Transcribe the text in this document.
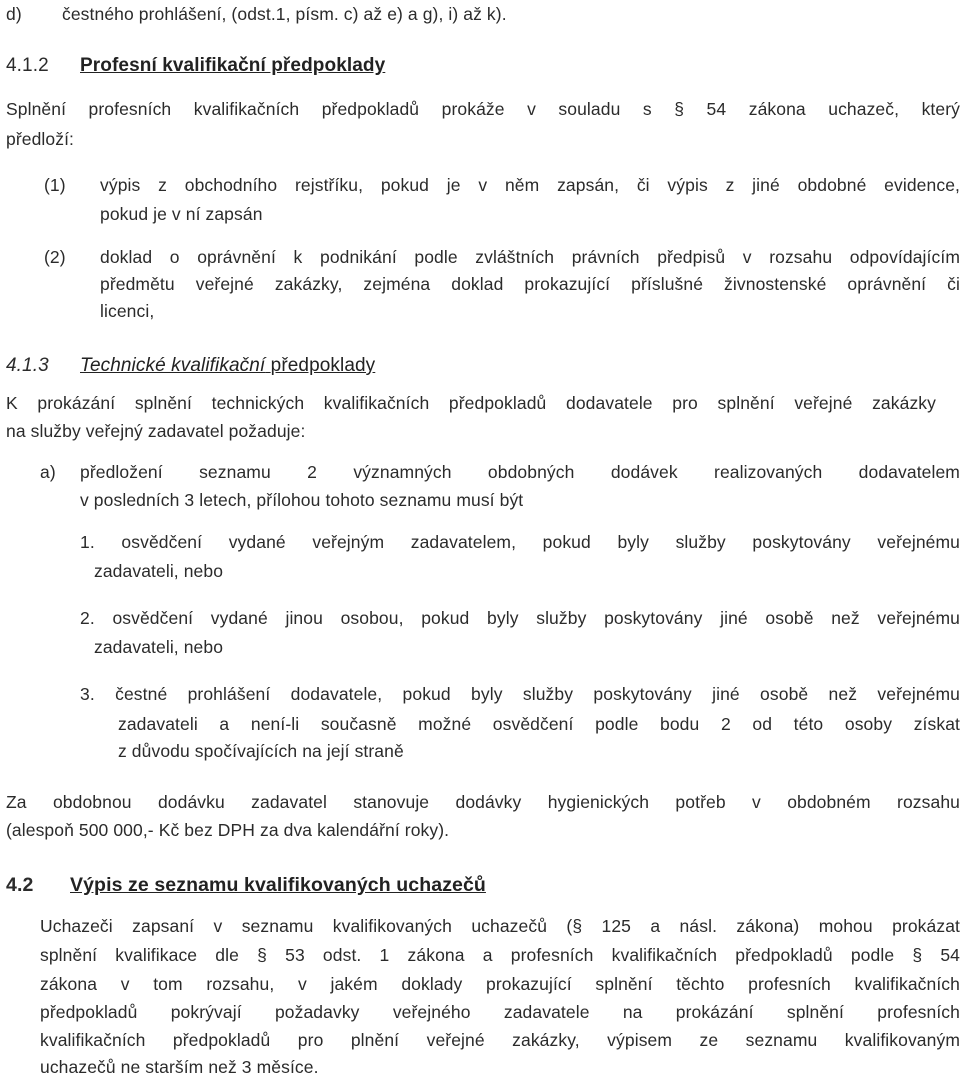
d) čestného prohlášení, (odst.1, písm. c) až e) a g), i) až k).
4.1.2 Profesní kvalifikační předpoklady
Splnění profesních kvalifikačních předpokladů prokáže v souladu s § 54 zákona uchazeč, který
předloží:
(1) výpis z obchodního rejstříku, pokud je v něm zapsán, či výpis z jiné obdobné evidence,
pokud je v ní zapsán
(2) doklad o oprávnění k podnikání podle zvláštních právních předpisů v rozsahu odpovídajícím
předmětu veřejné zakázky, zejména doklad prokazující příslušné živnostenské oprávnění či
licenci,
4.1.3 Technické kvalifikační předpoklady
K prokázání splnění technických kvalifikačních předpokladů dodavatele pro splnění veřejné zakázky
na služby veřejný zadavatel požaduje:
a) předložení seznamu 2 významných obdobných dodávek realizovaných dodavatelem
v posledních 3 letech, přílohou tohoto seznamu musí být
1. osvědčení vydané veřejným zadavatelem, pokud byly služby poskytovány veřejnému
zadavateli, nebo
2. osvědčení vydané jinou osobou, pokud byly služby poskytovány jiné osobě než veřejnému
zadavateli, nebo
3. čestné prohlášení dodavatele, pokud byly služby poskytovány jiné osobě než veřejnému
zadavateli a není-li současně možné osvědčení podle bodu 2 od této osoby získat
z důvodu spočívajících na její straně
Za obdobnou dodávku zadavatel stanovuje dodávky hygienických potřeb v obdobném rozsahu
(alespoň 500 000,- Kč bez DPH za dva kalendářní roky).
4.2 Výpis ze seznamu kvalifikovaných uchazečů
Uchazeči zapsaní v seznamu kvalifikovaných uchazečů (§ 125 a násl. zákona) mohou prokázat
splnění kvalifikace dle § 53 odst. 1 zákona a profesních kvalifikačních předpokladů podle § 54
zákona v tom rozsahu, v jakém doklady prokazující splnění těchto profesních kvalifikačních
předpokladů pokrývají požadavky veřejného zadavatele na prokázání splnění profesních
kvalifikačních předpokladů pro plnění veřejné zakázky, výpisem ze seznamu kvalifikovaným
uchazečů ne starším než 3 měsíce.
